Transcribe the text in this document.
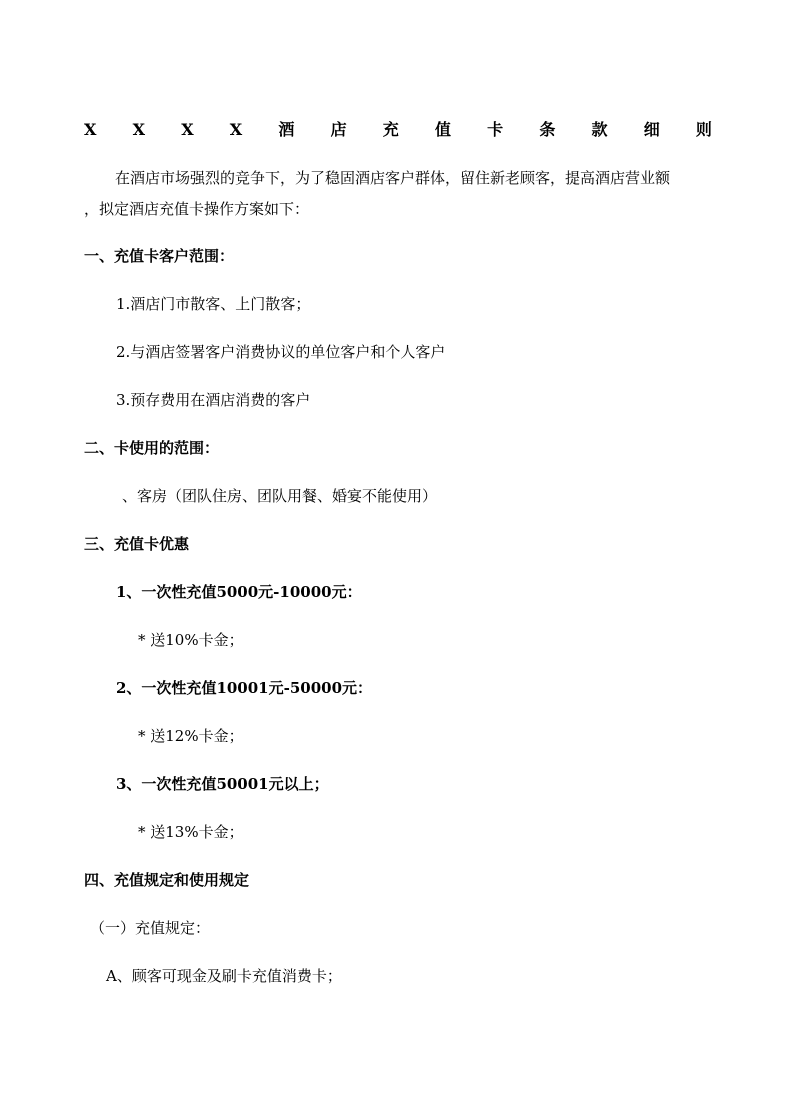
X X X X 酒 店 充 值 卡 条 款 细 则
在酒店市场强烈的竞争下，为了稳固酒店客户群体，留住新老顾客，提高酒店营业额
，拟定酒店充值卡操作方案如下：
一、充值卡客户范围：
1.酒店门市散客、上门散客；
2.与酒店签署客户消费协议的单位客户和个人客户
3.预存费用在酒店消费的客户
二、卡使用的范围：
、客房（团队住房、团队用餐、婚宴不能使用）
三、充值卡优惠
1、一次性充值5000元-10000元：
* 送10%卡金；
2、一次性充值10001元-50000元：
* 送12%卡金；
3、一次性充值50001元以上；
* 送13%卡金；
四、充值规定和使用规定
（一）充值规定：
A、顾客可现金及刷卡充值消费卡；
